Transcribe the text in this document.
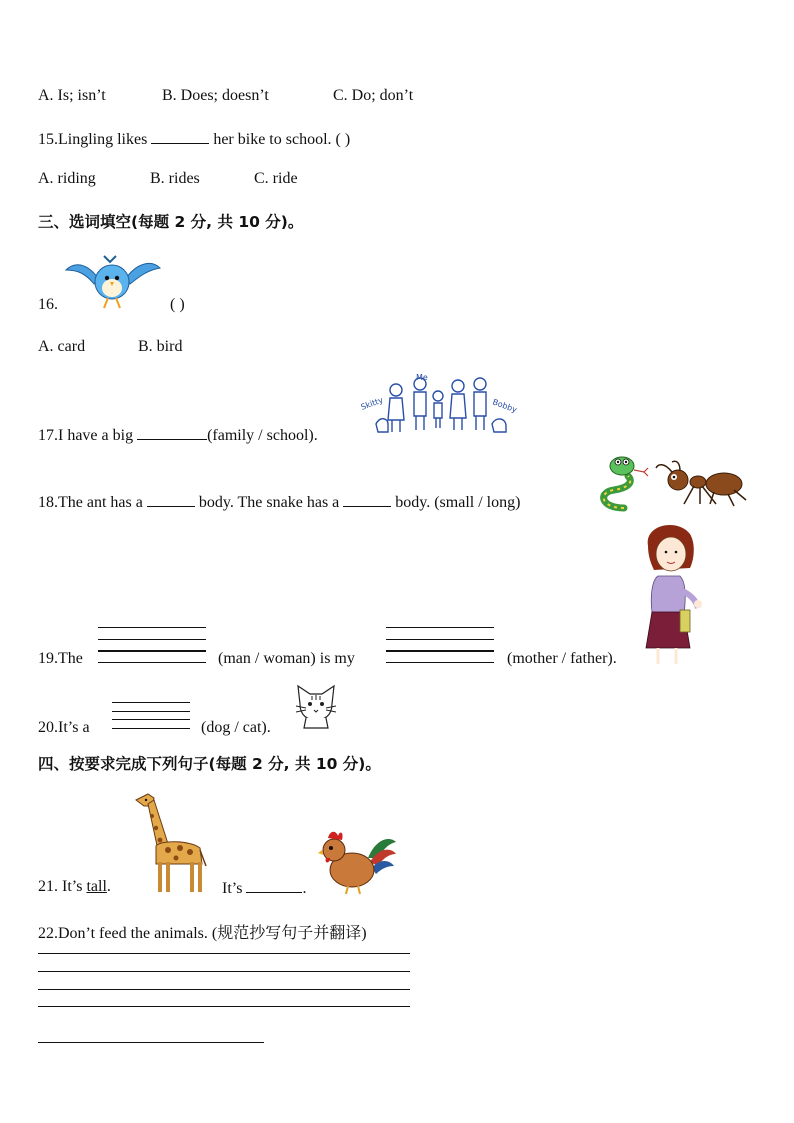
A. Is; isn’t	B. Does; doesn’t	C. Do; don’t
15.Lingling likes	her bike to school. ( )
A. riding	B. rides	C. ride
三、选词填空(每题 2 分, 共 10 分)。
16.	( )
A. card	B. bird
17.I have a big	(family / school).
Skitty
Me
Bobby
18.The ant has a	body. The snake has a	body. (small / long)
19.The	(man / woman) is my	(mother / father).
20.It’s a	(dog / cat).
四、按要求完成下列句子(每题 2 分, 共 10 分)。
21. It’s tall.	It’s	.
22.Don’t feed the animals. (规范抄写句子并翻译)
